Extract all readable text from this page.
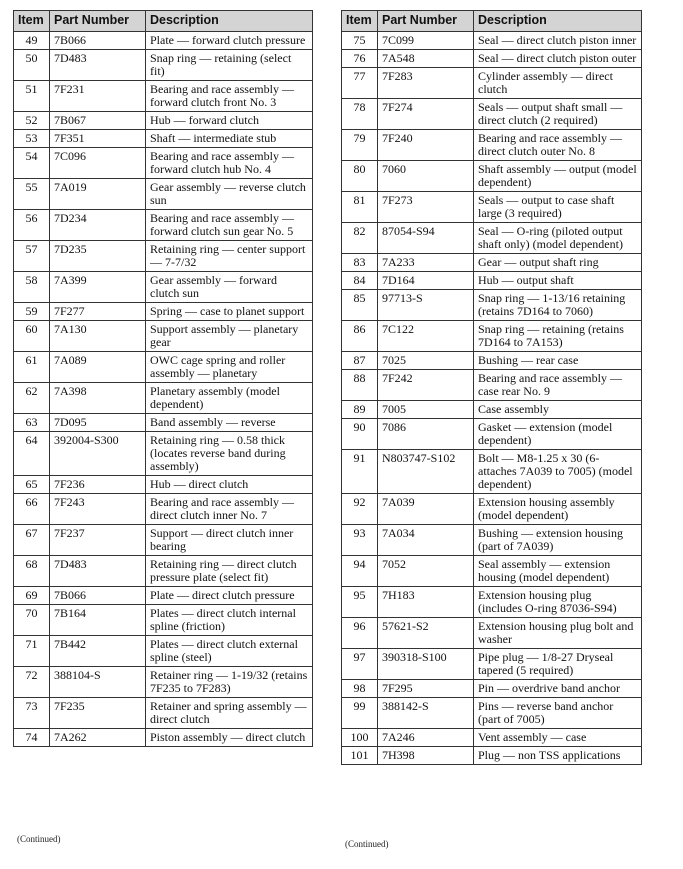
Item	Part Number	Description
49	7B066	Plate — forward clutch pressure
50	7D483	Snap ring — retaining (select fit)
51	7F231	Bearing and race assembly — forward clutch front No. 3
52	7B067	Hub — forward clutch
53	7F351	Shaft — intermediate stub
54	7C096	Bearing and race assembly — forward clutch hub No. 4
55	7A019	Gear assembly — reverse clutch sun
56	7D234	Bearing and race assembly — forward clutch sun gear No. 5
57	7D235	Retaining ring — center support — 7-7/32
58	7A399	Gear assembly — forward clutch sun
59	7F277	Spring — case to planet support
60	7A130	Support assembly — planetary gear
61	7A089	OWC cage spring and roller assembly — planetary
62	7A398	Planetary assembly (model dependent)
63	7D095	Band assembly — reverse
64	392004-S300	Retaining ring — 0.58 thick (locates reverse band during assembly)
65	7F236	Hub — direct clutch
66	7F243	Bearing and race assembly — direct clutch inner No. 7
67	7F237	Support — direct clutch inner bearing
68	7D483	Retaining ring — direct clutch pressure plate (select fit)
69	7B066	Plate — direct clutch pressure
70	7B164	Plates — direct clutch internal spline (friction)
71	7B442	Plates — direct clutch external spline (steel)
72	388104-S	Retainer ring — 1-19/32 (retains 7F235 to 7F283)
73	7F235	Retainer and spring assembly — direct clutch
74	7A262	Piston assembly — direct clutch
Item	Part Number	Description
75	7C099	Seal — direct clutch piston inner
76	7A548	Seal — direct clutch piston outer
77	7F283	Cylinder assembly — direct clutch
78	7F274	Seals — output shaft small — direct clutch (2 required)
79	7F240	Bearing and race assembly — direct clutch outer No. 8
80	7060	Shaft assembly — output (model dependent)
81	7F273	Seals — output to case shaft large (3 required)
82	87054-S94	Seal — O-ring (piloted output shaft only) (model dependent)
83	7A233	Gear — output shaft ring
84	7D164	Hub — output shaft
85	97713-S	Snap ring — 1-13/16 retaining (retains 7D164 to 7060)
86	7C122	Snap ring — retaining (retains 7D164 to 7A153)
87	7025	Bushing — rear case
88	7F242	Bearing and race assembly — case rear No. 9
89	7005	Case assembly
90	7086	Gasket — extension (model dependent)
91	N803747-S102	Bolt — M8-1.25 x 30 (6-attaches 7A039 to 7005) (model dependent)
92	7A039	Extension housing assembly (model dependent)
93	7A034	Bushing — extension housing (part of 7A039)
94	7052	Seal assembly — extension housing (model dependent)
95	7H183	Extension housing plug (includes O-ring 87036-S94)
96	57621-S2	Extension housing plug bolt and washer
97	390318-S100	Pipe plug — 1/8-27 Dryseal tapered (5 required)
98	7F295	Pin — overdrive band anchor
99	388142-S	Pins — reverse band anchor (part of 7005)
100	7A246	Vent assembly — case
101	7H398	Plug — non TSS applications
(Continued)	(Continued)
